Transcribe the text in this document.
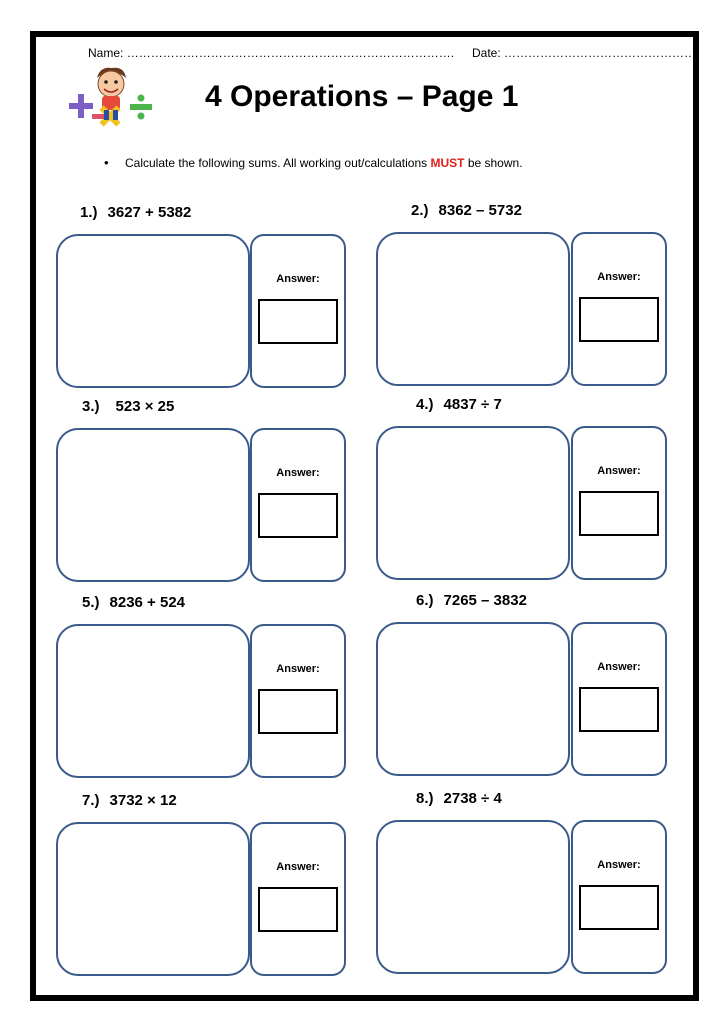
Name: ………………………………………………………………………. Date: ………………………………………….
4 Operations – Page 1
• Calculate the following sums. All working out/calculations MUST be shown.
1.) 3627 + 5382
Answer:
2.) 8362 – 5732
Answer:
3.) 523 × 25
Answer:
4.) 4837 ÷ 7
Answer:
5.) 8236 + 524
Answer:
6.) 7265 – 3832
Answer:
7.) 3732 × 12
Answer:
8.) 2738 ÷ 4
Answer:
